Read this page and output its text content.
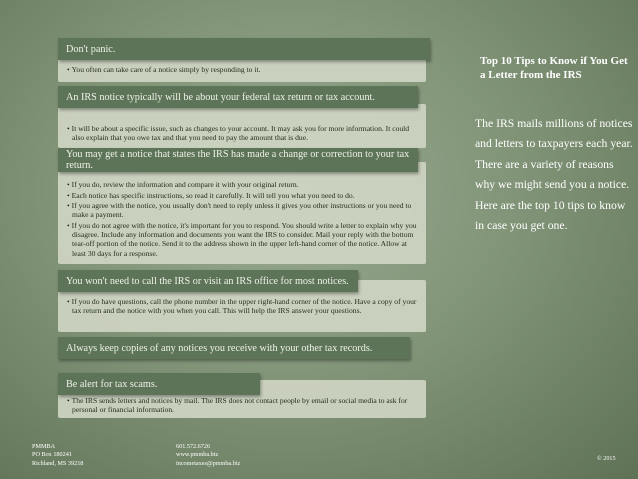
• You often can take care of a notice simply by responding to it.
• It will be about a specific issue, such as changes to your account. It may ask you for more information. It could also explain that you owe tax and that you need to pay the amount that is due.
• If you do, review the information and compare it with your original return.
• Each notice has specific instructions, so read it carefully. It will tell you what you need to do.
• If you agree with the notice, you usually don't need to reply unless it gives you other instructions or you need to make a payment.
• If you do not agree with the notice, it's important for you to respond. You should write a letter to explain why you disagree. Include any information and documents you want the IRS to consider. Mail your reply with the bottom tear-off portion of the notice. Send it to the address shown in the upper left-hand corner of the notice. Allow at least 30 days for a response.
• If you do have questions, call the phone number in the upper right-hand corner of the notice. Have a copy of your tax return and the notice with you when you call. This will help the IRS answer your questions.
• The IRS sends letters and notices by mail. The IRS does not contact people by email or social media to ask for personal or financial information.
Don't panic.
An IRS notice typically will be about your federal tax return or tax account.
You may get a notice that states the IRS has made a change or correction to your tax return.
You won't need to call the IRS or visit an IRS office for most notices.
Always keep copies of any notices you receive with your other tax records.
Be alert for tax scams.
Top 10 Tips to Know if You Get a Letter from the IRS
The IRS mails millions of notices and letters to taxpayers each year. There are a variety of reasons why we might send you a notice. Here are the top 10 tips to know in case you get one.
PMMBA
PO Box 180241
Richland, MS 39218
601.572.6726
www.pmmba.biz
incometaxes@pmmba.biz
© 2015
